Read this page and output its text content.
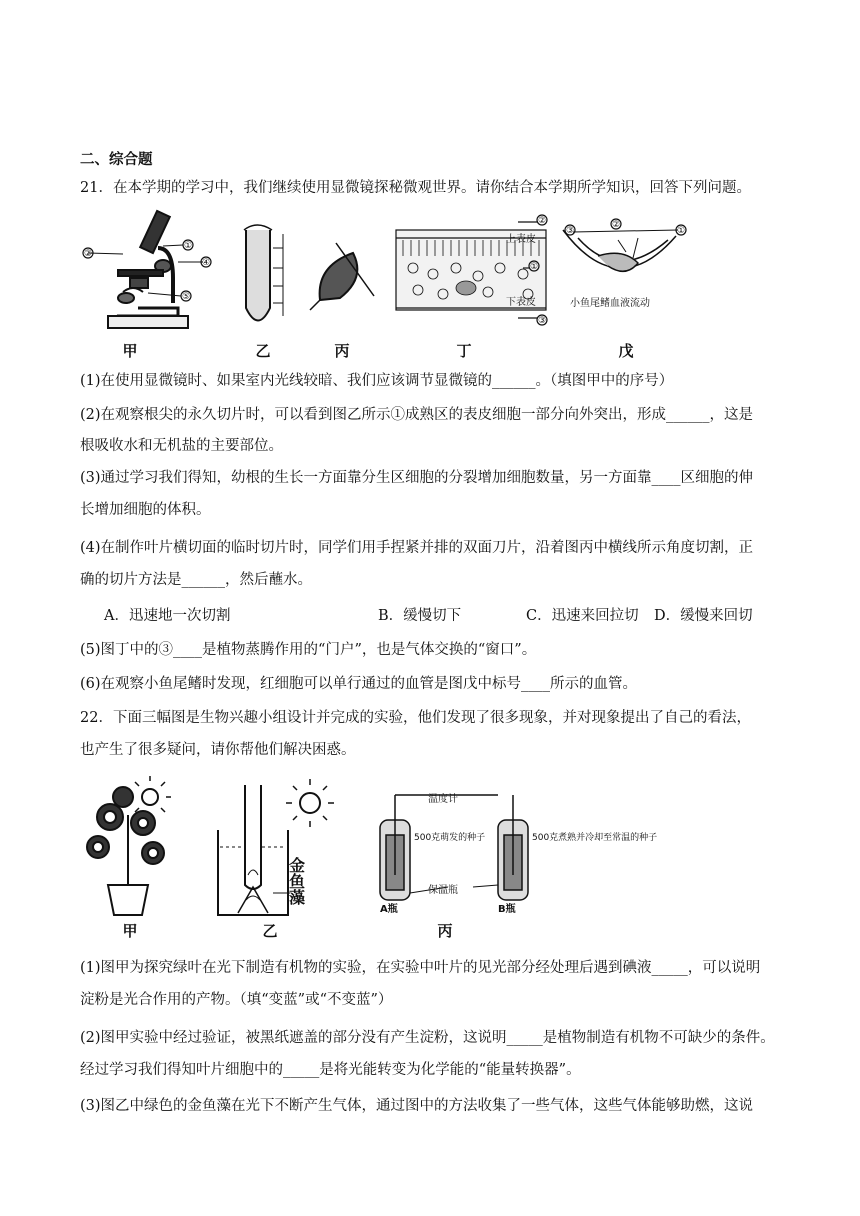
二、综合题
21．在本学期的学习中，我们继续使用显微镜探秘微观世界。请你结合本学期所学知识，回答下列问题。
②
①
④
⑤
②
①
③
③
②
①
上表皮
下表皮	小鱼尾鳍血液流动
甲	乙	丙	丁	戊
(1)在使用显微镜时、如果室内光线较暗、我们应该调节显微镜的______。（填图甲中的序号）
(2)在观察根尖的永久切片时，可以看到图乙所示①成熟区的表皮细胞一部分向外突出，形成______，这是
根吸收水和无机盐的主要部位。
(3)通过学习我们得知，幼根的生长一方面靠分生区细胞的分裂增加细胞数量，另一方面靠____区细胞的伸
长增加细胞的体积。
(4)在制作叶片横切面的临时切片时，同学们用手捏紧并排的双面刀片，沿着图丙中横线所示角度切割，正
确的切片方法是______，然后蘸水。
A．迅速地一次切割	B．缓慢切下	C．迅速来回拉切 D．缓慢来回切
(5)图丁中的③____是植物蒸腾作用的“门户”，也是气体交换的“窗口”。
(6)在观察小鱼尾鳍时发现，红细胞可以单行通过的血管是图戊中标号____所示的血管。
22．下面三幅图是生物兴趣小组设计并完成的实验，他们发现了很多现象，并对现象提出了自己的看法，
也产生了很多疑问，请你帮他们解决困惑。
金鱼藻
温度计
500克萌发的种子	500克煮熟并冷却至常温的种子
保温瓶
A瓶	B瓶
甲	乙	丙
(1)图甲为探究绿叶在光下制造有机物的实验，在实验中叶片的见光部分经处理后遇到碘液_____，可以说明
淀粉是光合作用的产物。（填“变蓝”或“不变蓝”）
(2)图甲实验中经过验证，被黑纸遮盖的部分没有产生淀粉，这说明_____是植物制造有机物不可缺少的条件。
经过学习我们得知叶片细胞中的_____是将光能转变为化学能的“能量转换器”。
(3)图乙中绿色的金鱼藻在光下不断产生气体，通过图中的方法收集了一些气体，这些气体能够助燃，这说
